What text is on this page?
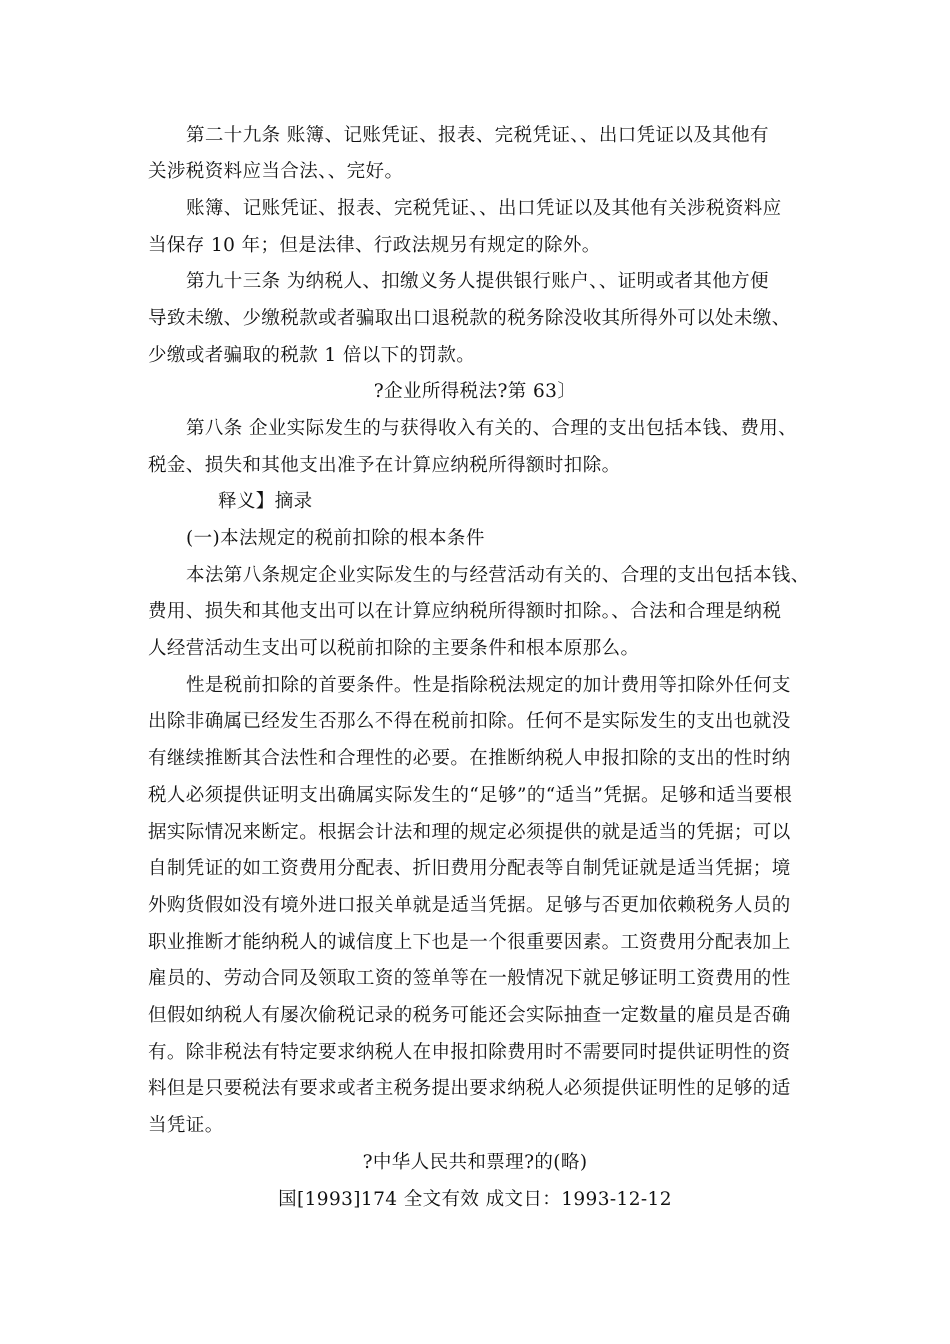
第二十九条 账簿、记账凭证、报表、完税凭证、、出口凭证以及其他有
关涉税资料应当合法、、完好。
账簿、记账凭证、报表、完税凭证、、出口凭证以及其他有关涉税资料应
当保存 10 年；但是法律、行政法规另有规定的除外。
第九十三条 为纳税人、扣缴义务人提供银行账户、、证明或者其他方便
导致未缴、少缴税款或者骗取出口退税款的税务除没收其所得外可以处未缴、
少缴或者骗取的税款 1 倍以下的罚款。
?企业所得税法?第 63〕
第八条 企业实际发生的与获得收入有关的、合理的支出包括本钱、费用、
税金、损失和其他支出准予在计算应纳税所得额时扣除。
释义】摘录
(一)本法规定的税前扣除的根本条件
本法第八条规定企业实际发生的与经营活动有关的、合理的支出包括本钱、
费用、损失和其他支出可以在计算应纳税所得额时扣除。、合法和合理是纳税
人经营活动生支出可以税前扣除的主要条件和根本原那么。
性是税前扣除的首要条件。性是指除税法规定的加计费用等扣除外任何支
出除非确属已经发生否那么不得在税前扣除。任何不是实际发生的支出也就没
有继续推断其合法性和合理性的必要。在推断纳税人申报扣除的支出的性时纳
税人必须提供证明支出确属实际发生的“足够”的“适当”凭据。足够和适当要根
据实际情况来断定。根据会计法和理的规定必须提供的就是适当的凭据；可以
自制凭证的如工资费用分配表、折旧费用分配表等自制凭证就是适当凭据；境
外购货假如没有境外进口报关单就是适当凭据。足够与否更加依赖税务人员的
职业推断才能纳税人的诚信度上下也是一个很重要因素。工资费用分配表加上
雇员的、劳动合同及领取工资的签单等在一般情况下就足够证明工资费用的性
但假如纳税人有屡次偷税记录的税务可能还会实际抽查一定数量的雇员是否确
有。除非税法有特定要求纳税人在申报扣除费用时不需要同时提供证明性的资
料但是只要税法有要求或者主税务提出要求纳税人必须提供证明性的足够的适
当凭证。
?中华人民共和票理?的(略)
国[1993]174 全文有效 成文日：1993-12-12
